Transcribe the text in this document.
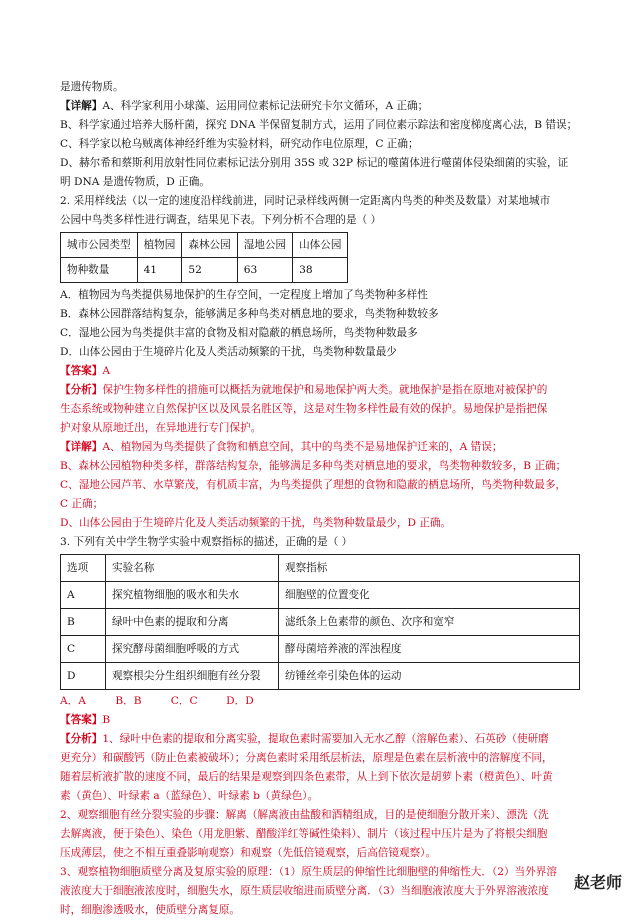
是遗传物质。
【详解】A、科学家利用小球藻、运用同位素标记法研究卡尔文循环，A 正确；
B、科学家通过培养大肠杆菌，探究 DNA 半保留复制方式，运用了同位素示踪法和密度梯度离心法，B 错误；
C、科学家以枪乌贼离体神经纤维为实验材料，研究动作电位原理，C 正确；
D、赫尔希和蔡斯利用放射性同位素标记法分别用 35S 或 32P 标记的噬菌体进行噬菌体侵染细菌的实验，证
明 DNA 是遗传物质，D 正确。
2. 采用样线法（以一定的速度沿样线前进，同时记录样线两侧一定距离内鸟类的种类及数量）对某地城市
公园中鸟类多样性进行调查，结果见下表。下列分析不合理的是（ ）
城市公园类型	植物园	森林公园	湿地公园	山体公园
物种数量	41	52	63	38
A．植物园为鸟类提供易地保护的生存空间，一定程度上增加了鸟类物种多样性
B．森林公园群落结构复杂，能够满足多种鸟类对栖息地的要求，鸟类物种数较多
C．湿地公园为鸟类提供丰富的食物及相对隐蔽的栖息场所，鸟类物种数最多
D．山体公园由于生境碎片化及人类活动频繁的干扰，鸟类物种数量最少
【答案】A
【分析】保护生物多样性的措施可以概括为就地保护和易地保护两大类。就地保护是指在原地对被保护的
生态系统或物种建立自然保护区以及风景名胜区等，这是对生物多样性最有效的保护。易地保护是指把保
护对象从原地迁出，在异地进行专门保护。
【详解】A、植物园为鸟类提供了食物和栖息空间，其中的鸟类不是易地保护迁来的，A 错误；
B、森林公园植物种类多样，群落结构复杂，能够满足多种鸟类对栖息地的要求，鸟类物种数较多，B 正确；
C、湿地公园芦苇、水草繁茂，有机质丰富，为鸟类提供了理想的食物和隐蔽的栖息场所，鸟类物种数最多，
C 正确；
D、山体公园由于生境碎片化及人类活动频繁的干扰，鸟类物种数量最少，D 正确。
3. 下列有关中学生物学实验中观察指标的描述，正确的是（ ）
选项	实验名称	观察指标
A	探究植物细胞的吸水和失水	细胞壁的位置变化
B	绿叶中色素的提取和分离	滤纸条上色素带的颜色、次序和宽窄
C	探究酵母菌细胞呼吸的方式	酵母菌培养液的浑浊程度
D	观察根尖分生组织细胞有丝分裂	纺锤丝牵引染色体的运动
A．A	B．B	C．C	D．D
【答案】B
【分析】1、绿叶中色素的提取和分离实验，提取色素时需要加入无水乙醇（溶解色素）、石英砂（使研磨
更充分）和碳酸钙（防止色素被破坏）；分离色素时采用纸层析法，原理是色素在层析液中的溶解度不同，
随着层析液扩散的速度不同，最后的结果是观察到四条色素带，从上到下依次是胡萝卜素（橙黄色）、叶黄
素（黄色）、叶绿素 a（蓝绿色）、叶绿素 b（黄绿色）。
2、观察细胞有丝分裂实验的步骤：解离（解离液由盐酸和酒精组成，目的是使细胞分散开来）、漂洗（洗
去解离液，便于染色）、染色（用龙胆紫、醋酸洋红等碱性染料）、制片（该过程中压片是为了将根尖细胞
压成薄层，使之不相互重叠影响观察）和观察（先低倍镜观察，后高倍镜观察）。
3、观察植物细胞质壁分离及复原实验的原理：（1）原生质层的伸缩性比细胞壁的伸缩性大．（2）当外界溶
液浓度大于细胞液浓度时，细胞失水，原生质层收缩进而质壁分离．（3）当细胞液浓度大于外界溶液浓度
时，细胞渗透吸水，使质壁分离复原。
赵老师
